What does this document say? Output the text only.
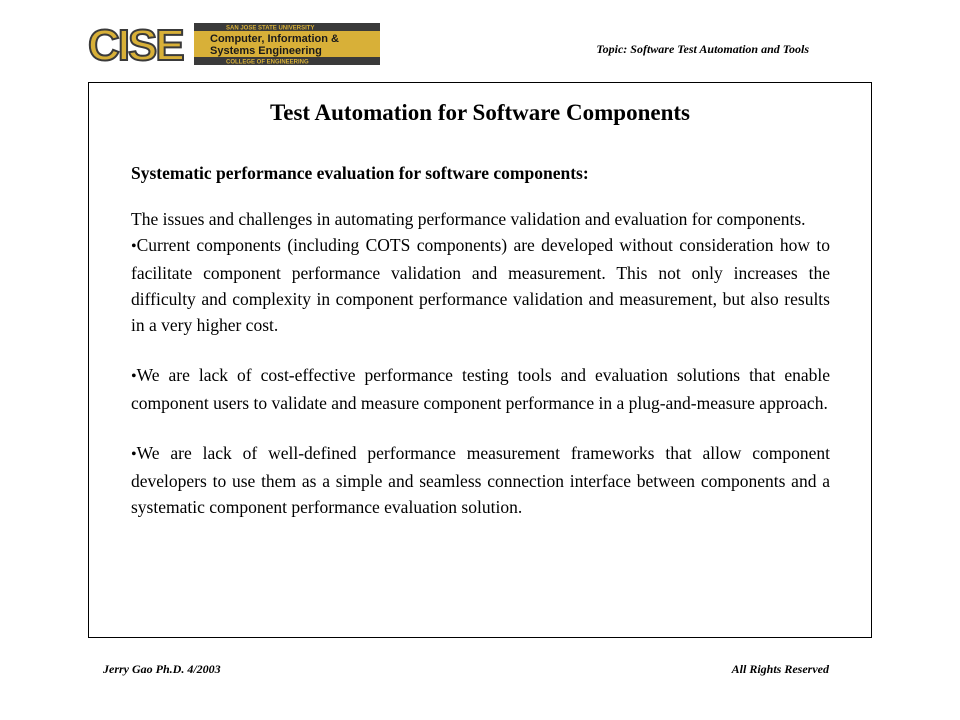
CISE	SAN JOSE STATE UNIVERSITY
Computer, Information &
Systems Engineering
COLLEGE OF ENGINEERING
Topic: Software Test Automation and Tools
Test Automation for Software Components

Systematic performance evaluation for software components:

The issues and challenges in automating performance validation and evaluation for components.

•Current components (including COTS components) are developed without consideration how to facilitate component performance validation and measurement. This not only increases the difficulty and complexity in component performance validation and measurement, but also results in a very higher cost.

•We are lack of cost-effective performance testing tools and evaluation solutions that enable component users to validate and measure component performance in a plug-and-measure approach.

•We are lack of well-defined performance measurement frameworks that allow component developers to use them as a simple and seamless connection interface between components and a systematic component performance evaluation solution.

Jerry Gao Ph.D. 4/2003	All Rights Reserved
